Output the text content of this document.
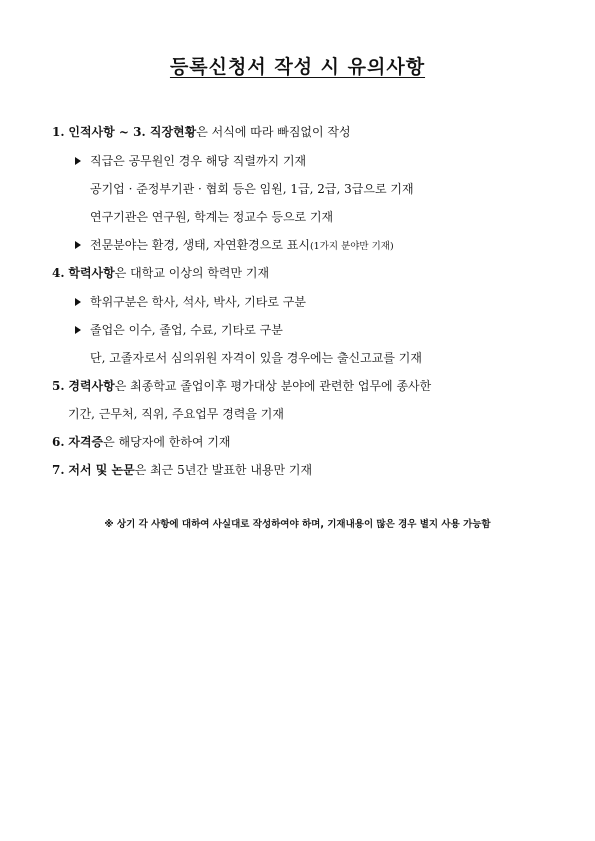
등록신청서 작성 시 유의사항
1. 인적사항 ~ 3. 직장현황은 서식에 따라 빠짐없이 작성
직급은 공무원인 경우 해당 직렬까지 기재
공기업 · 준정부기관 · 협회 등은 임원, 1급, 2급, 3급으로 기재
연구기관은 연구원, 학계는 정교수 등으로 기재
전문분야는 환경, 생태, 자연환경으로 표시(1가지 분야만 기재)
4. 학력사항은 대학교 이상의 학력만 기재
학위구분은 학사, 석사, 박사, 기타로 구분
졸업은 이수, 졸업, 수료, 기타로 구분
단, 고졸자로서 심의위원 자격이 있을 경우에는 출신고교를 기재
5. 경력사항은 최종학교 졸업이후 평가대상 분야에 관련한 업무에 종사한
기간, 근무처, 직위, 주요업무 경력을 기재
6. 자격증은 해당자에 한하여 기재
7. 저서 및 논문은 최근 5년간 발표한 내용만 기재
※ 상기 각 사항에 대하여 사실대로 작성하여야 하며, 기재내용이 많은 경우 별지 사용 가능함
